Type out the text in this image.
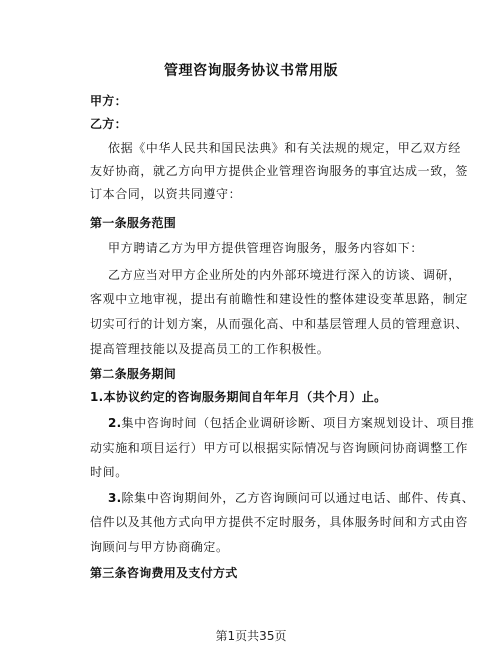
管理咨询服务协议书常用版
甲方：
乙方：
依据《中华人民共和国民法典》和有关法规的规定，甲乙双方经
友好协商，就乙方向甲方提供企业管理咨询服务的事宜达成一致，签
订本合同，以资共同遵守：
第一条服务范围
甲方聘请乙方为甲方提供管理咨询服务，服务内容如下：
乙方应当对甲方企业所处的内外部环境进行深入的访谈、调研，
客观中立地审视，提出有前瞻性和建设性的整体建设变革思路，制定
切实可行的计划方案，从而强化高、中和基层管理人员的管理意识、
提高管理技能以及提高员工的工作积极性。
第二条服务期间
1.本协议约定的咨询服务期间自年年月（共个月）止。
2.集中咨询时间（包括企业调研诊断、项目方案规划设计、项目推
动实施和项目运行）甲方可以根据实际情况与咨询顾问协商调整工作
时间。
3.除集中咨询期间外，乙方咨询顾问可以通过电话、邮件、传真、
信件以及其他方式向甲方提供不定时服务，具体服务时间和方式由咨
询顾问与甲方协商确定。
第三条咨询费用及支付方式
第1页共35页
